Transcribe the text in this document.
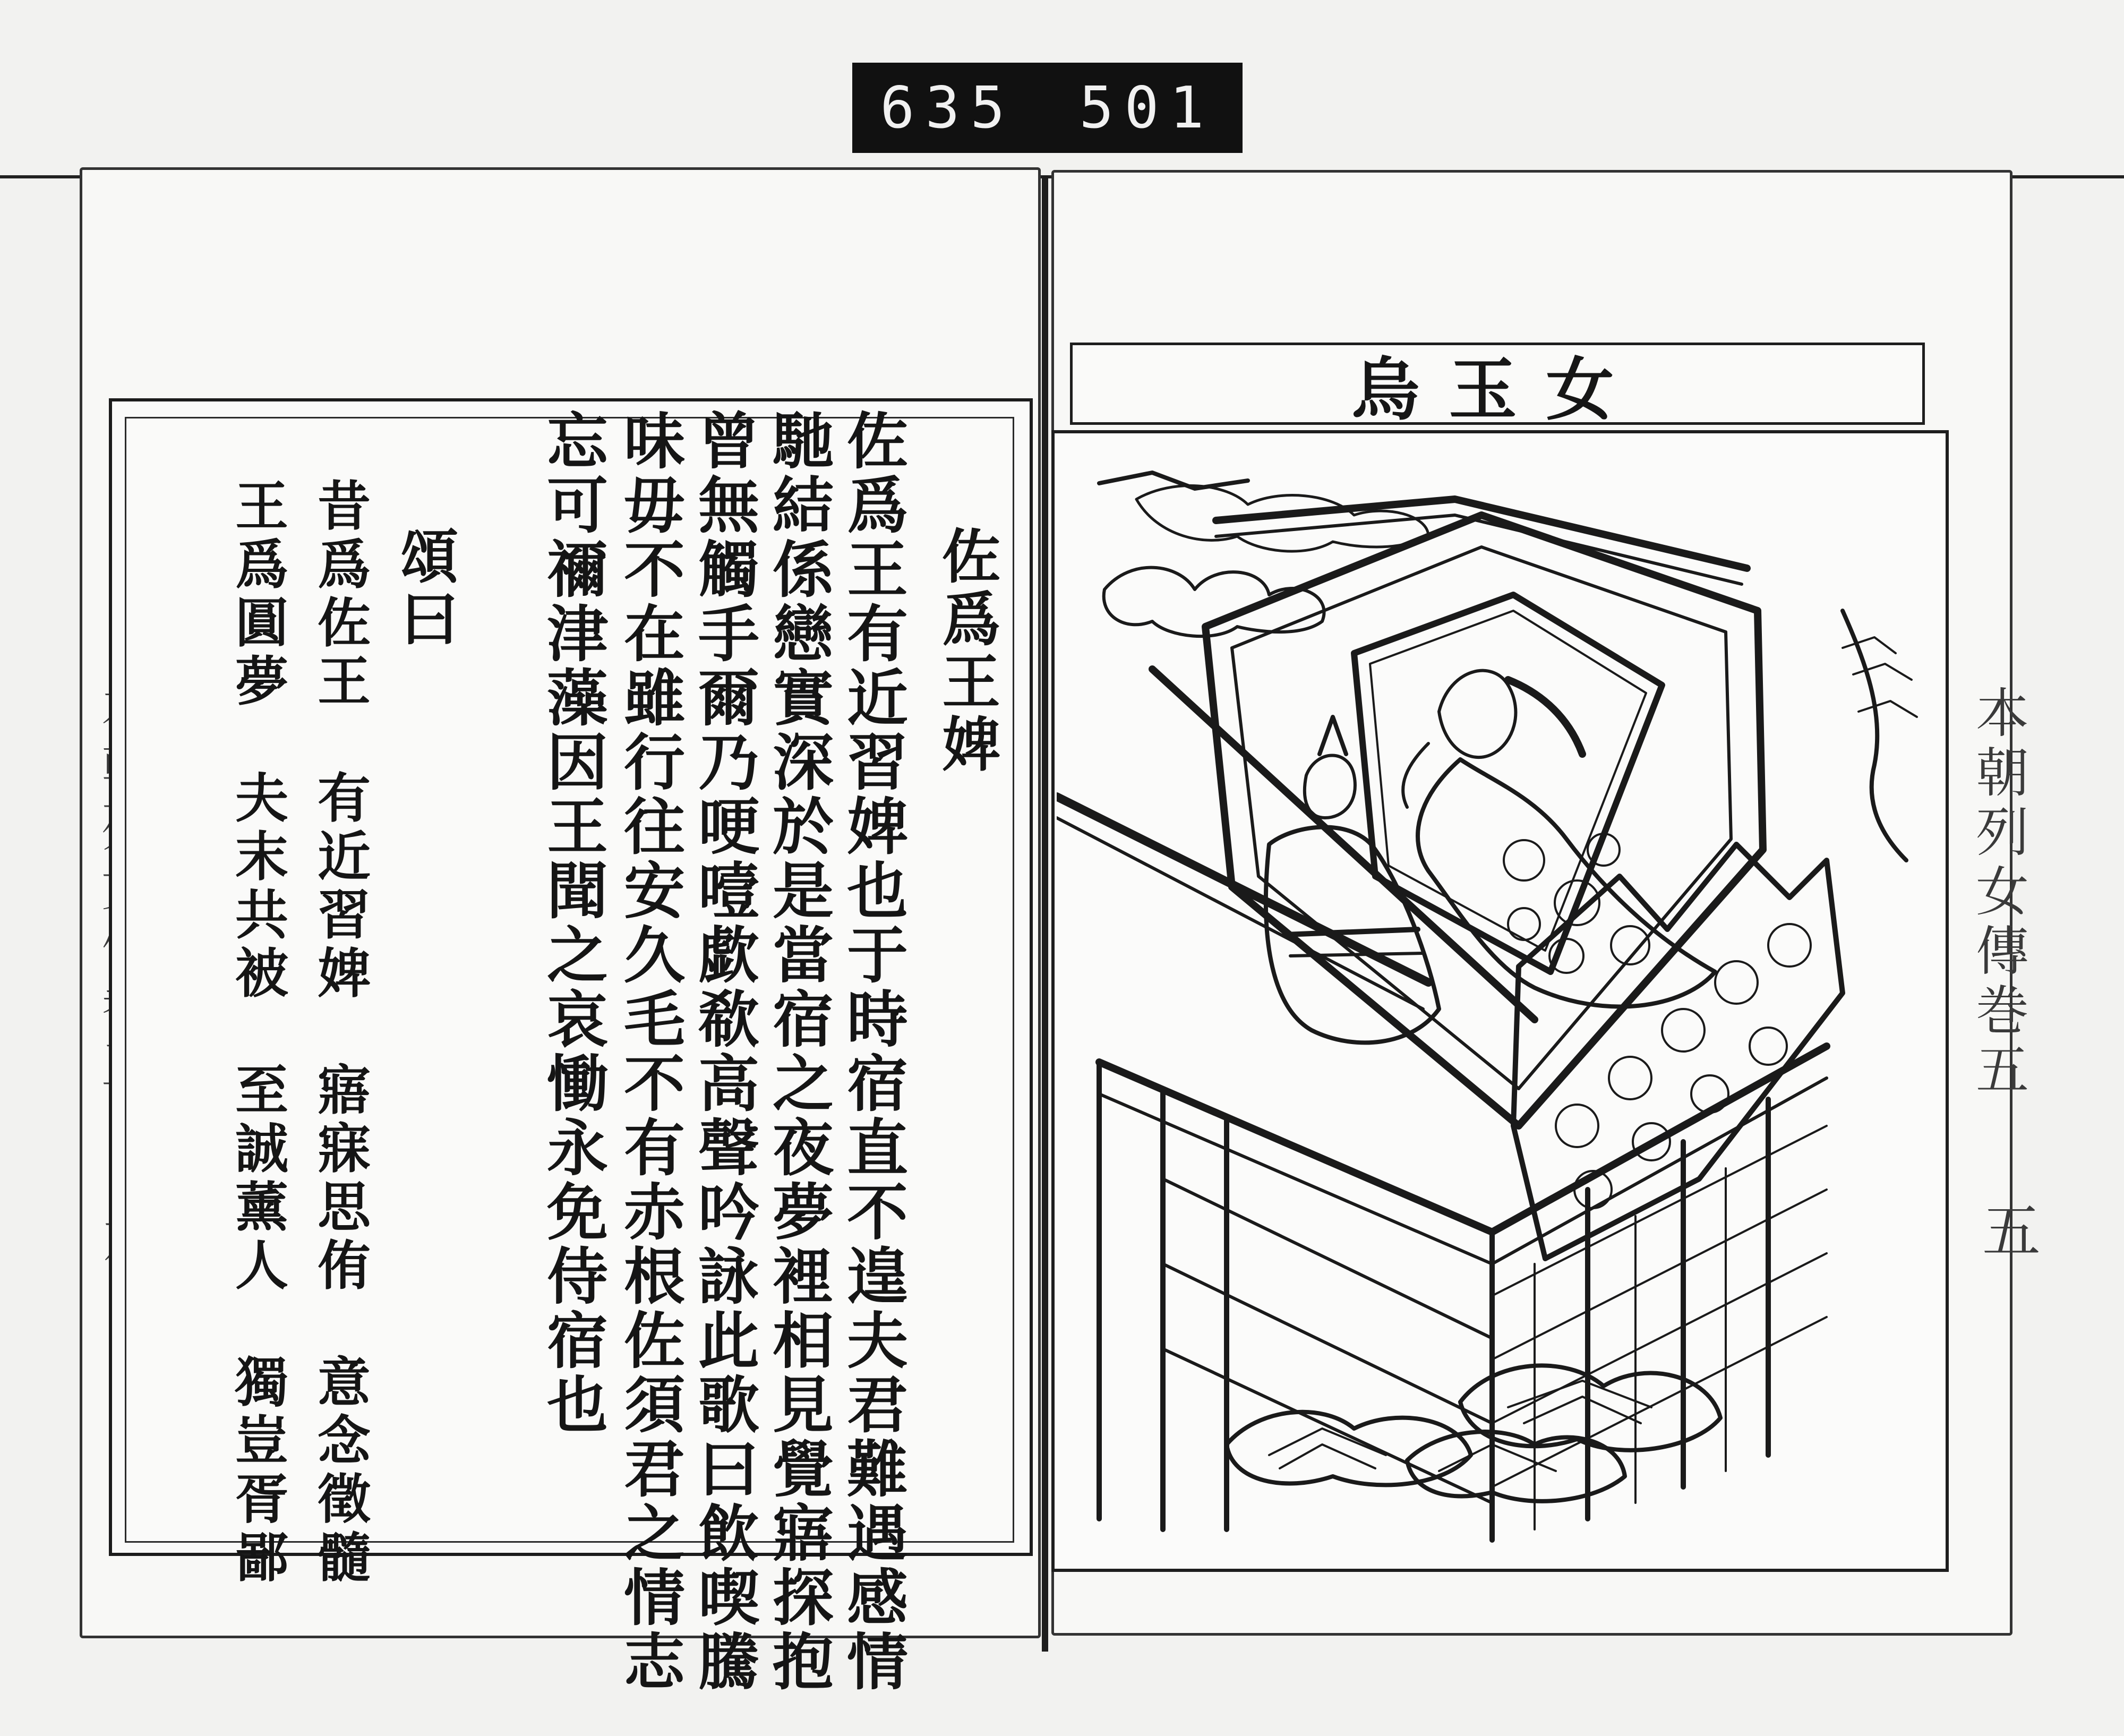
635 501
佐爲王婢
佐爲王有近習婢也于時宿直不遑夫君難遇感情
馳結係戀實深於是當宿之夜夢裡相見覺寤探抱
曾無觸手爾乃哽噎歔欷高聲吟詠此歌曰飲喫騰
味毋不在雖行往安久毛不有赤根佐須君之情志
忘可禰津藻因王聞之哀慟永免侍宿也
頌曰
昔爲佐王　有近習婢　寤寐思侑　意念徵髓
王爲圓夢　夫末共被　至誠薰人　獨豈胥鄙	本朝列女傳巻五
五
烏玉女
